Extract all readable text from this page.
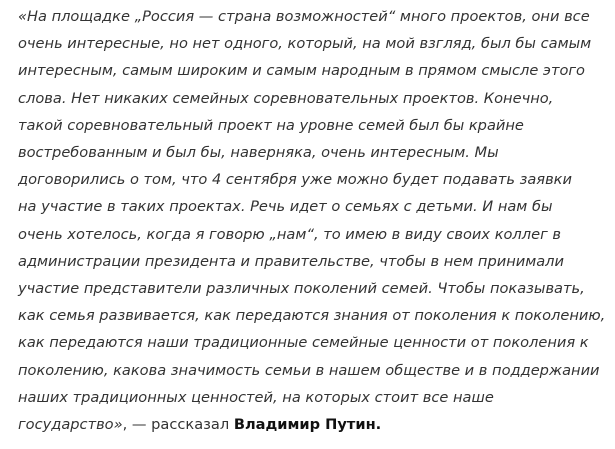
«На площадке „Россия — страна возможностей“ много проектов, они все
очень интересные, но нет одного, который, на мой взгляд, был бы самым
интересным, самым широким и самым народным в прямом смысле этого
слова. Нет никаких семейных соревновательных проектов. Конечно,
такой соревновательный проект на уровне семей был бы крайне
востребованным и был бы, наверняка, очень интересным. Мы
договорились о том, что 4 сентября уже можно будет подавать заявки
на участие в таких проектах. Речь идет о семьях с детьми. И нам бы
очень хотелось, когда я говорю „нам“, то имею в виду своих коллег в
администрации президента и правительстве, чтобы в нем принимали
участие представители различных поколений семей. Чтобы показывать,
как семья развивается, как передаются знания от поколения к поколению,
как передаются наши традиционные семейные ценности от поколения к
поколению, какова значимость семьи в нашем обществе и в поддержании
наших традиционных ценностей, на которых стоит все наше
государство», — рассказал Владимир Путин.
